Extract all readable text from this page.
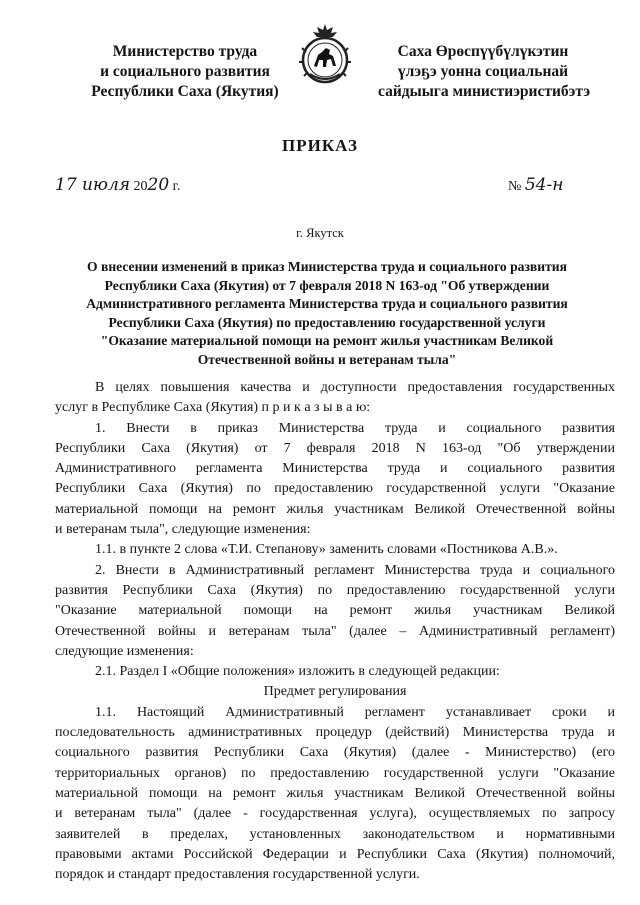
Министерство труда
и социального развития
Республики Саха (Якутия)
Саха Өрөспүүбүлүкэтин
үлэҕэ уонна социальнай
сайдыыга министиэристибэтэ
ПРИКАЗ
17 июля 2020 г.	№ 54-н
г. Якутск
О внесении изменений в приказ Министерства труда и социального развития
Республики Саха (Якутия) от 7 февраля 2018 N 163-од "Об утверждении
Административного регламента Министерства труда и социального развития
Республики Саха (Якутия) по предоставлению государственной услуги
"Оказание материальной помощи на ремонт жилья участникам Великой
Отечественной войны и ветеранам тыла"
В целях повышения качества и доступности предоставления государственных
услуг в Республике Саха (Якутия) п р и к а з ы в а ю:
1. Внести в приказ Министерства труда и социального развития
Республики Саха (Якутия) от 7 февраля 2018 N 163-од "Об утверждении
Административного регламента Министерства труда и социального развития
Республики Саха (Якутия) по предоставлению государственной услуги "Оказание
материальной помощи на ремонт жилья участникам Великой Отечественной войны
и ветеранам тыла", следующие изменения:
1.1. в пункте 2 слова «Т.И. Степанову» заменить словами «Постникова А.В.».
2. Внести в Административный регламент Министерства труда и социального
развития Республики Саха (Якутия) по предоставлению государственной услуги
"Оказание материальной помощи на ремонт жилья участникам Великой
Отечественной войны и ветеранам тыла" (далее – Административный регламент)
следующие изменения:
2.1. Раздел I «Общие положения» изложить в следующей редакции:
Предмет регулирования
1.1. Настоящий Административный регламент устанавливает сроки и
последовательность административных процедур (действий) Министерства труда и
социального развития Республики Саха (Якутия) (далее - Министерство) (его
территориальных органов) по предоставлению государственной услуги "Оказание
материальной помощи на ремонт жилья участникам Великой Отечественной войны
и ветеранам тыла" (далее - государственная услуга), осуществляемых по запросу
заявителей в пределах, установленных законодательством и нормативными
правовыми актами Российской Федерации и Республики Саха (Якутия) полномочий,
порядок и стандарт предоставления государственной услуги.
